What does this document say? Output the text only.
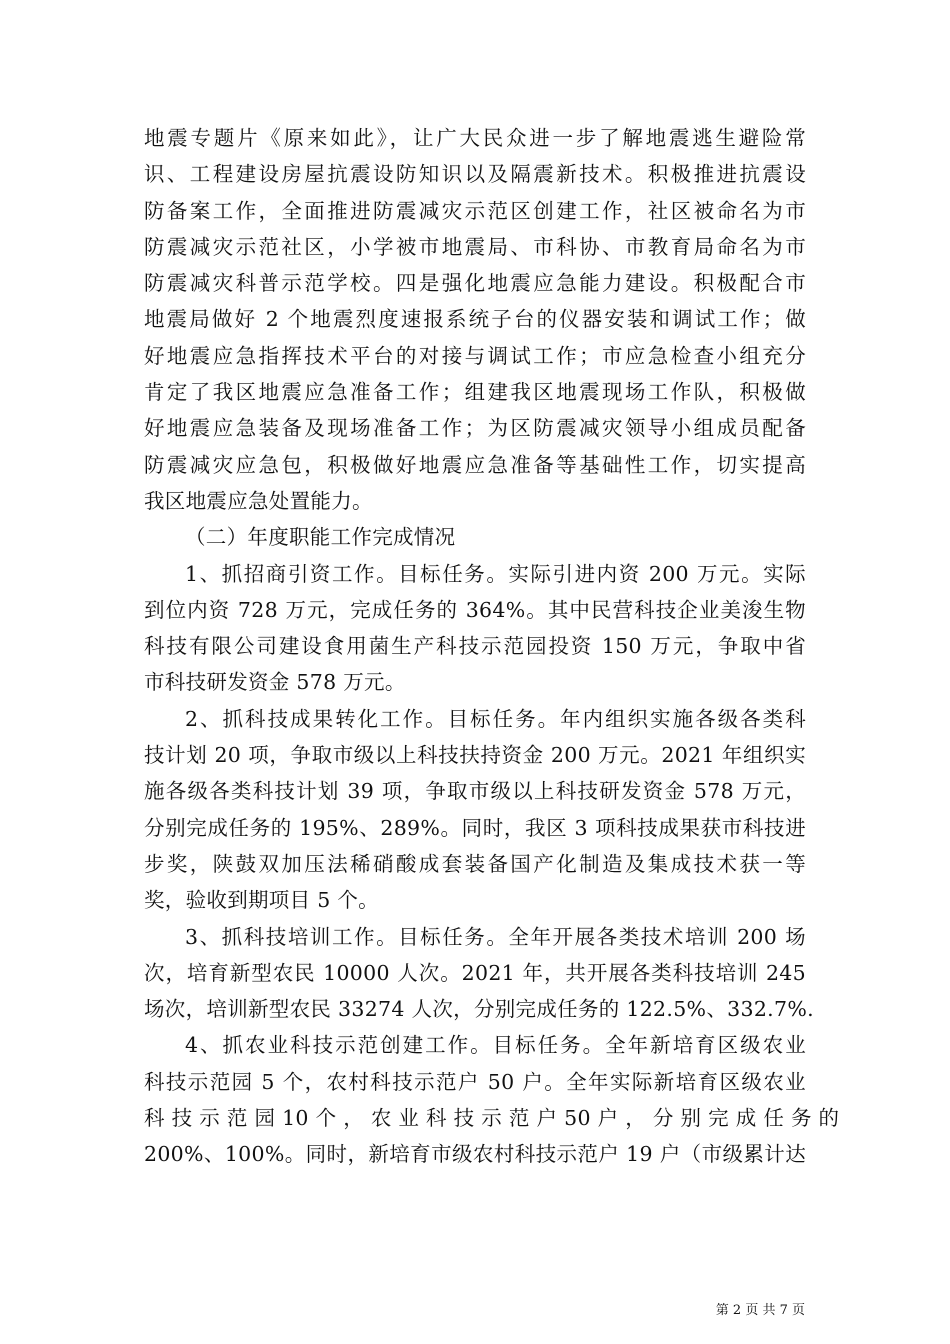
地震专题片《原来如此》，让广大民众进一步了解地震逃生避险常
识、工程建设房屋抗震设防知识以及隔震新技术。积极推进抗震设
防备案工作，全面推进防震减灾示范区创建工作，社区被命名为市
防震减灾示范社区，小学被市地震局、市科协、市教育局命名为市
防震减灾科普示范学校。四是强化地震应急能力建设。积极配合市
地震局做好 2 个地震烈度速报系统子台的仪器安装和调试工作；做
好地震应急指挥技术平台的对接与调试工作；市应急检查小组充分
肯定了我区地震应急准备工作；组建我区地震现场工作队，积极做
好地震应急装备及现场准备工作；为区防震减灾领导小组成员配备
防震减灾应急包，积极做好地震应急准备等基础性工作，切实提高
我区地震应急处置能力。
（二）年度职能工作完成情况
1、抓招商引资工作。目标任务。实际引进内资 200 万元。实际
到位内资 728 万元，完成任务的 364%。其中民营科技企业美浚生物
科技有限公司建设食用菌生产科技示范园投资 150 万元，争取中省
市科技研发资金 578 万元。
2、抓科技成果转化工作。目标任务。年内组织实施各级各类科
技计划 20 项，争取市级以上科技扶持资金 200 万元。2021 年组织实
施各级各类科技计划 39 项，争取市级以上科技研发资金 578 万元，
分别完成任务的 195%、289%。同时，我区 3 项科技成果获市科技进
步奖，陕鼓双加压法稀硝酸成套装备国产化制造及集成技术获一等
奖，验收到期项目 5 个。
3、抓科技培训工作。目标任务。全年开展各类技术培训 200 场
次，培育新型农民 10000 人次。2021 年，共开展各类科技培训 245
场次，培训新型农民 33274 人次，分别完成任务的 122.5%、332.7%.
4、抓农业科技示范创建工作。目标任务。全年新培育区级农业
科技示范园 5 个，农村科技示范户 50 户。全年实际新培育区级农业
科 技 示 范 园 10 个 ， 农 业 科 技 示 范 户 50 户 ， 分 别 完 成 任 务 的
200%、100%。同时，新培育市级农村科技示范户 19 户（市级累计达
第 2 页 共 7 页
